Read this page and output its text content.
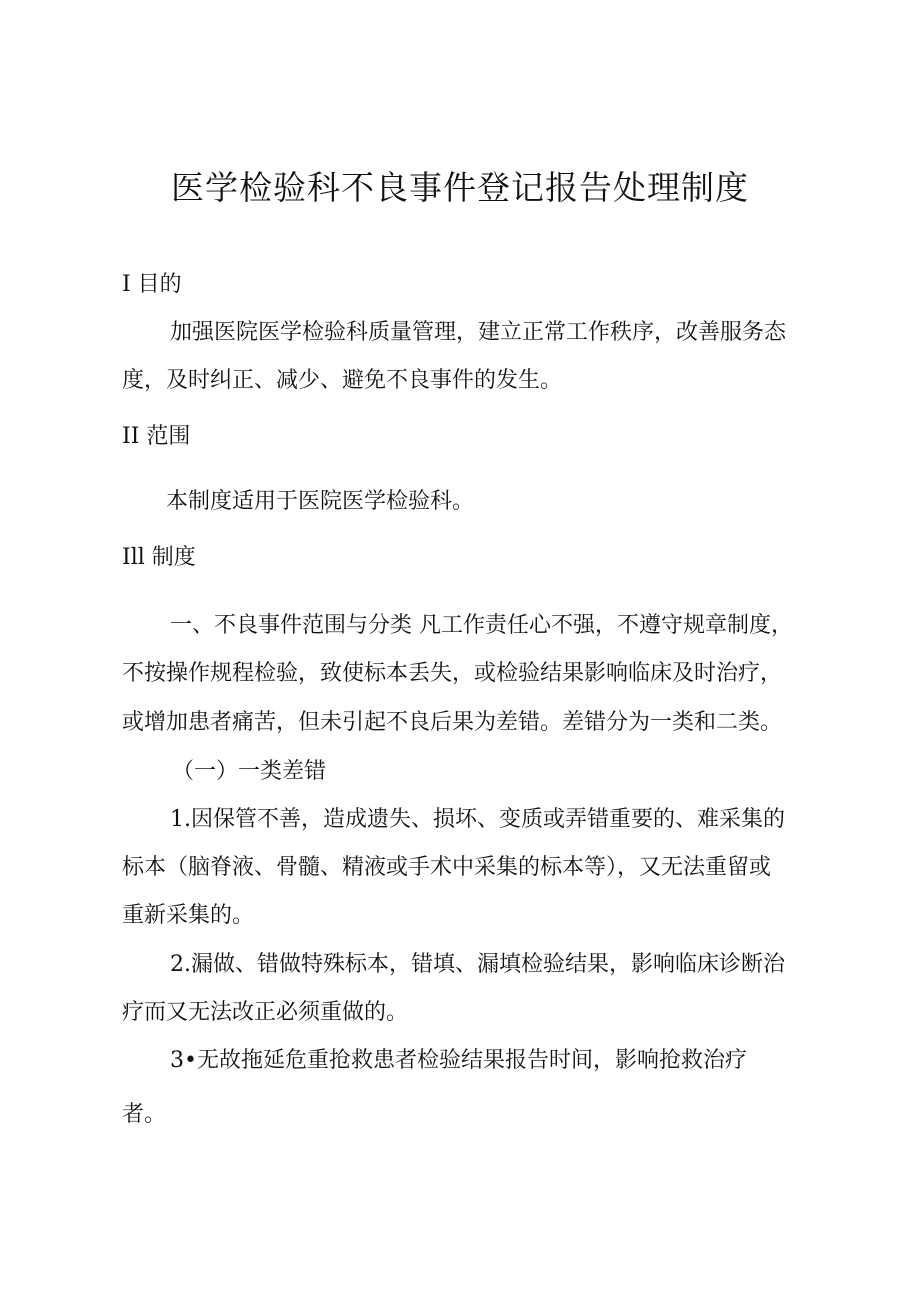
医学检验科不良事件登记报告处理制度
I 目的
加强医院医学检验科质量管理，建立正常工作秩序，改善服务态
度，及时纠正、减少、避免不良事件的发生。
II 范围
本制度适用于医院医学检验科。
Ill 制度
一、不良事件范围与分类 凡工作责任心不强，不遵守规章制度，
不按操作规程检验，致使标本丢失，或检验结果影响临床及时治疗，
或增加患者痛苦，但未引起不良后果为差错。差错分为一类和二类。
（一）一类差错
1.因保管不善，造成遗失、损坏、变质或弄错重要的、难采集的
标本（脑脊液、骨髓、精液或手术中采集的标本等），又无法重留或
重新采集的。
2.漏做、错做特殊标本，错填、漏填检验结果，影响临床诊断治
疗而又无法改正必须重做的。
3•无故拖延危重抢救患者检验结果报告时间，影响抢救治疗
者。
